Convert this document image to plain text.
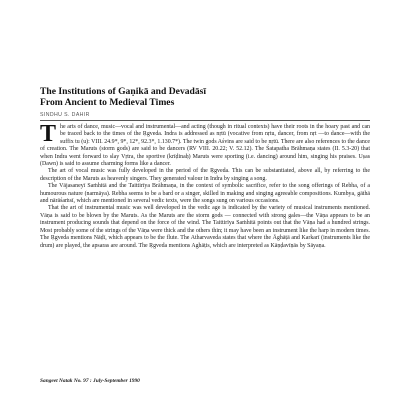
The Institutions of Gaṇikā and Devadāsī
From Ancient to Medieval Times
SINDHU S. DAHIR

The arts of dance, music—vocal and instrumental—and acting (though in ritual contexts) have their roots in the hoary past and can be traced back to the times of the Ṛgveda. Indra is addressed as nṛtū (vocative from nṛtu, dancer, from nṛt —to dance—with the suffix tu (u): VIII. 24.9*, 9*, 12*, 92.3*, 1.130.7*). The twin gods Aśvins are said to be nṛtū. There are also references to the dance of creation. The Maruts (storm gods) are said to be dancers (RV VIII. 20.22; V. 52.12). The Śatapatha Brāhmaṇa states (II. 5.3-20) that when Indra went forward to slay Vṛtra, the sportive (krīḍinaḥ) Maruts were sporting (i.e. dancing) around him, singing his praises. Uṣas (Dawn) is said to assume charming forms like a dancer.

The art of vocal music was fully developed in the period of the Ṛgveda. This can be substantiated, above all, by referring to the description of the Maruts as heavenly singers. They generated valour in Indra by singing a song.

The Vājasaneyī Saṁhitā and the Taittirīya Brāhmaṇa, in the context of symbolic sacrifice, refer to the song offerings of Rebha, of a humourous nature (narmāya). Rebha seems to be a bard or a singer, skilled in making and singing agreeable compositions. Kumbya, gāthā and nārāśaṁsī, which are mentioned in several vedic texts, were the songs sung on various occasions.

That the art of instrumental music was well developed in the vedic age is indicated by the variety of musical instruments mentioned. Vāṇa is said to be blown by the Maruts. As the Maruts are the storm gods — connected with strong gales—the Vāṇa appears to be an instrument producing sounds that depend on the force of the wind. The Taittirīya Saṁhitā points out that the Vāṇa had a hundred strings. Most probably some of the strings of the Vāṇa were thick and the others thin; it may have been an instrument like the harp in modern times. The Ṛgveda mentions Nāḍī, which appears to be the flute. The Atharvaveda states that where the Āghāṭā and Karkarī (instruments like the drum) are played, the apsaras are around. The Ṛgveda mentions Aghāṭis, which are interpreted as Kāṇḍavīṇās by Sāyaṇa.

Sangeet Natak No. 97 : July-September 1990
